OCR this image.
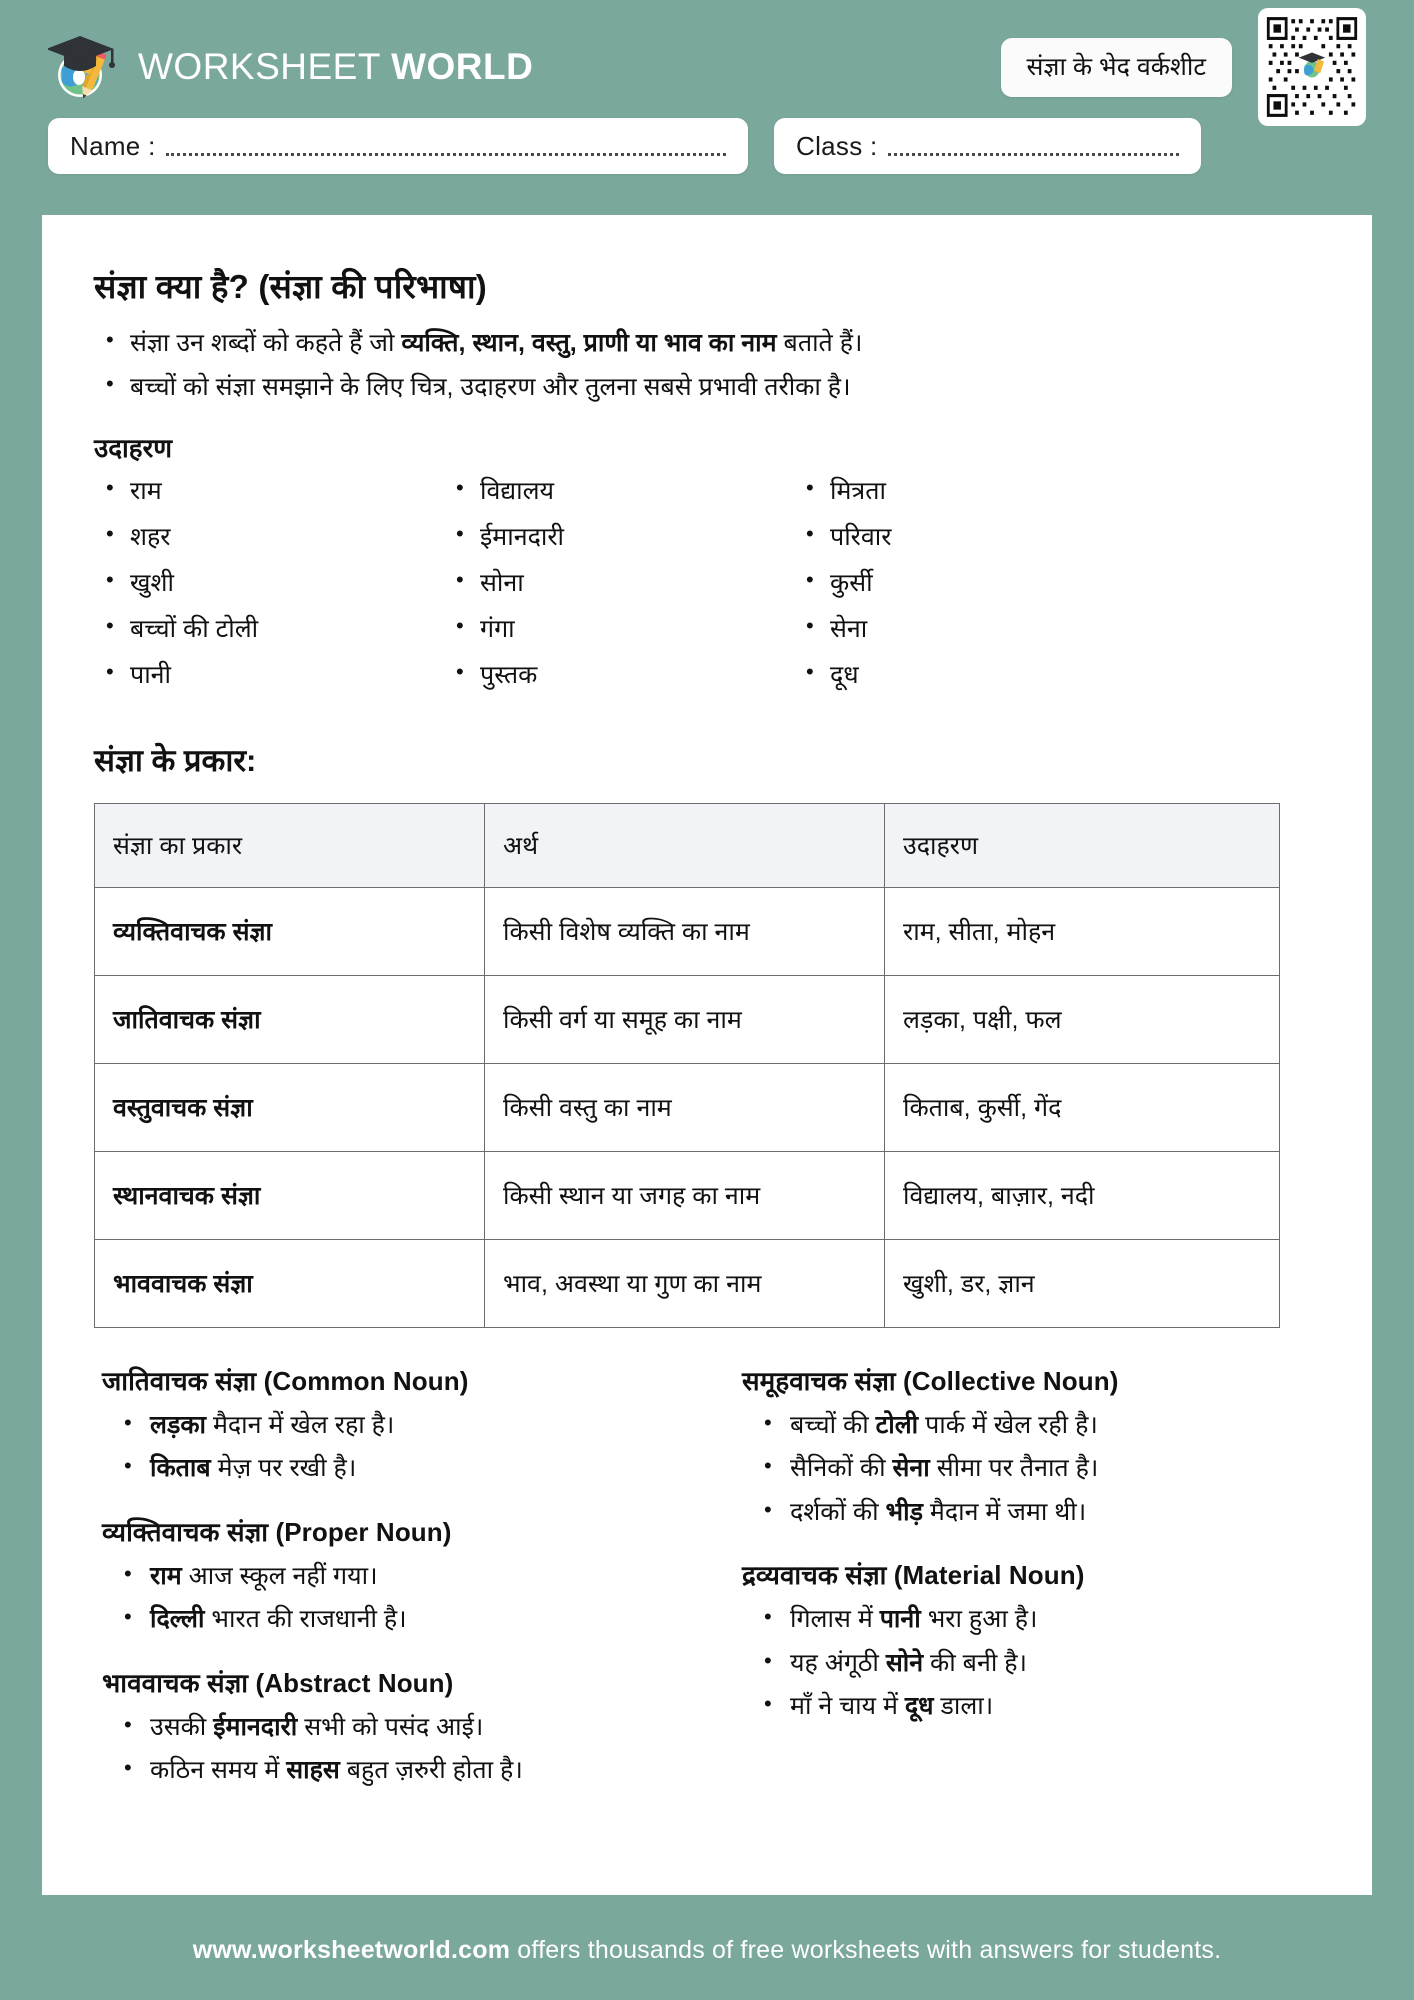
WORKSHEET WORLD	संज्ञा के भेद वर्कशीट
Name :	Class :
संज्ञा क्या है? (संज्ञा की परिभाषा)
• संज्ञा उन शब्दों को कहते हैं जो व्यक्ति, स्थान, वस्तु, प्राणी या भाव का नाम बताते हैं।
• बच्चों को संज्ञा समझाने के लिए चित्र, उदाहरण और तुलना सबसे प्रभावी तरीका है।
उदाहरण
• राम
• शहर
• खुशी
• बच्चों की टोली
• पानी
• विद्यालय
• ईमानदारी
• सोना
• गंगा
• पुस्तक
• मित्रता
• परिवार
• कुर्सी
• सेना
• दूध
संज्ञा के प्रकार:
संज्ञा का प्रकार	अर्थ	उदाहरण
व्यक्तिवाचक संज्ञा	किसी विशेष व्यक्ति का नाम	राम, सीता, मोहन
जातिवाचक संज्ञा	किसी वर्ग या समूह का नाम	लड़का, पक्षी, फल
वस्तुवाचक संज्ञा	किसी वस्तु का नाम	किताब, कुर्सी, गेंद
स्थानवाचक संज्ञा	किसी स्थान या जगह का नाम	विद्यालय, बाज़ार, नदी
भाववाचक संज्ञा	भाव, अवस्था या गुण का नाम	खुशी, डर, ज्ञान
जातिवाचक संज्ञा (Common Noun)
• लड़का मैदान में खेल रहा है।
• किताब मेज़ पर रखी है।
व्यक्तिवाचक संज्ञा (Proper Noun)
• राम आज स्कूल नहीं गया।
• दिल्ली भारत की राजधानी है।
भाववाचक संज्ञा (Abstract Noun)
• उसकी ईमानदारी सभी को पसंद आई।
• कठिन समय में साहस बहुत ज़रुरी होता है।
समूहवाचक संज्ञा (Collective Noun)
• बच्चों की टोली पार्क में खेल रही है।
• सैनिकों की सेना सीमा पर तैनात है।
• दर्शकों की भीड़ मैदान में जमा थी।
द्रव्यवाचक संज्ञा (Material Noun)
• गिलास में पानी भरा हुआ है।
• यह अंगूठी सोने की बनी है।
• माँ ने चाय में दूध डाला।
www.worksheetworld.com offers thousands of free worksheets with answers for students.
